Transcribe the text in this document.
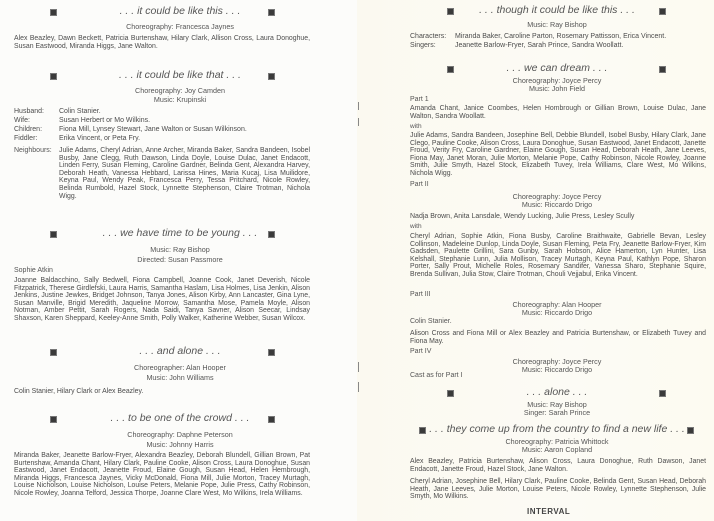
. . . it could be like this . . .
Choreography: Francesca Jaynes
Alex Beazley, Dawn Beckett, Patricia Burtenshaw, Hilary Clark, Allison Cross, Laura Donoghue, Susan Eastwood, Miranda Higgs, Jane Walton.
. . . it could be like that . . .
Choreography: Joy Camden
Music: Krupinski
Husband: Colin Stanier.
Wife:	Susan Herbert or Mo Wilkins.
Children: Fiona Mill, Lynsey Stewart, Jane Walton or Susan Wilkinson.
Fiddler:	Erika Vincent, or Peta Fry.
Neighbours: Julie Adams, Cheryl Adrian, Anne Archer, Miranda Baker, Sandra Bandeen, Isobel Busby, Jane Clegg, Ruth Dawson, Linda Doyle, Louise Dulac, Janet Endacott, Linden Ferry, Susan Fleming, Caroline Gardner, Belinda Gent, Alexandra Harvey, Deborah Heath, Vanessa Hebbard, Larissa Hines, Maria Kucaj, Lisa Muilidore, Keyna Paul, Wendy Peak, Francesca Perry, Tessa Pritchard, Nicole Rowley, Belinda Rumbold, Hazel Stock, Lynnette Stephenson, Claire Trotman, Nichola Wigg.
. . . we have time to be young . . .
Music: Ray Bishop
Directed: Susan Passmore
Sophie Atkin
Joanne Baldacchino, Sally Bedwell, Fiona Campbell, Joanne Cook, Janet Deverish, Nicole Fitzpatrick, Therese Girdlefski, Laura Harris, Samantha Haslam, Lisa Holmes, Lisa Jenkin, Alison Jenkins, Justine Jewkes, Bridget Johnson, Tanya Jones, Alison Kirby, Ann Lancaster, Gina Lyne, Susan Manville, Brigid Meredith, Jaqueline Morrow, Samantha Mose, Pamela Moyle, Alison Notman, Amber Pettit, Sarah Rogers, Nada Saidi, Tanya Savner, Alison Seecar, Lindsay Shaxson, Karen Sheppard, Keeley-Anne Smith, Polly Walker, Katherine Webber, Susan Wilcox.
. . . and alone . . .
Choreographer: Alan Hooper
Music: John Williams
Colin Stanier, Hilary Clark or Alex Beazley.
. . . to be one of the crowd . . .
Choreography: Daphne Peterson
Music: Johnny Harris
Miranda Baker, Jeanette Barlow-Fryer, Alexandra Beazley, Deborah Blundell, Gillian Brown, Pat Burtenshaw, Amanda Chant, Hilary Clark, Pauline Cooke, Alison Cross, Laura Donoghue, Susan Eastwood, Janet Endacott, Jeanette Froud, Elaine Gough, Susan Head, Helen Hembrough, Miranda Higgs, Francesca Jaynes, Vicky McDonald, Fiona Mill, Julie Morton, Tracey Murtagh, Louise Nicholson, Louise Nicholson, Louise Peters, Melanie Pope, Julie Press, Cathy Robinson, Nicole Rowley, Joanna Telford, Jessica Thorpe, Joanne Clare West, Mo Wilkins, Irela Williams.
. . . though it could be like this . . .
Music: Ray Bishop
Characters: Miranda Baker, Caroline Parton, Rosemary Pattisson, Erica Vincent.
Singers:	Jeanette Barlow-Fryer, Sarah Prince, Sandra Woollatt.
. . . we can dream . . .
Choreography: Joyce Percy
Music: John Field
Part 1
Amanda Chant, Janice Coombes, Helen Hombrough or Gillian Brown, Louise Dulac, Jane Walton, Sandra Woollatt.
with
Julie Adams, Sandra Bandeen, Josephine Bell, Debbie Blundell, Isobel Busby, Hilary Clark, Jane Clego, Pauline Cooke, Alison Cross, Laura Donoghue, Susan Eastwood, Janet Endacott, Janette Froud, Verity Fry, Caroline Gardner, Elaine Gough, Susan Head, Deborah Heath, Jane Leeves, Fiona May, Janet Moran, Julie Morton, Melanie Pope, Cathy Robinson, Nicole Rowley, Joanne Smith, Julie Smyth, Hazel Stock, Elizabeth Tuvey, Irela Williams, Clare West, Mo Wilkins, Nichola Wigg.
Part II
Choreography: Joyce Percy
Music: Riccardo Drigo
Nadja Brown, Anita Lansdale, Wendy Lucking, Julie Press, Lesley Scully
with
Cheryl Adrian, Sophie Atkin, Fiona Busby, Caroline Braithwaite, Gabrielle Bevan, Lesley Collinson, Madeleine Dunlop, Linda Doyle, Susan Fleming, Peta Fry, Jeanette Barlow-Fryer, Kim Gadsden, Paulette Grillini, Sara Gunby, Sarah Hobson, Alice Hamerton, Lyn Hunter, Lisa Kelshall, Stephanie Lunn, Julia Mollison, Tracey Murtagh, Keyna Paul, Kathlyn Pope, Sharon Porter, Sally Prout, Michelle Roles, Rosemary Sandifer, Vanessa Sharo, Stephanie Squire, Brenda Sullivan, Julia Stow, Claire Trotman, Chouli Vejjabul, Erika Vincent.
Part III
Choreography: Alan Hooper
Music: Riccardo Drigo
Colin Stanier.
Alison Cross and Fiona Mill or Alex Beazley and Patricia Burtenshaw, or Elizabeth Tuvey and Fiona May.
Part IV
Choreography: Joyce Percy
Music: Riccardo Drigo
Cast as for Part I
. . . alone . . .
Music: Ray Bishop
Singer: Sarah Prince
. . . they come up from the country to find a new life . . .
Choreography: Patricia Whittock
Music: Aaron Copland
Alex Beazley, Patricia Burtenshaw, Alison Cross, Laura Donoghue, Ruth Dawson, Janet Endacott, Janette Froud, Hazel Stock, Jane Walton.
Cheryl Adrian, Josephine Bell, Hilary Clark, Pauline Cooke, Belinda Gent, Susan Head, Deborah Heath, Jane Leeves, Julie Morton, Louise Peters, Nicole Rowley, Lynnette Stephenson, Julie Smyth, Mo Wilkins.
INTERVAL
